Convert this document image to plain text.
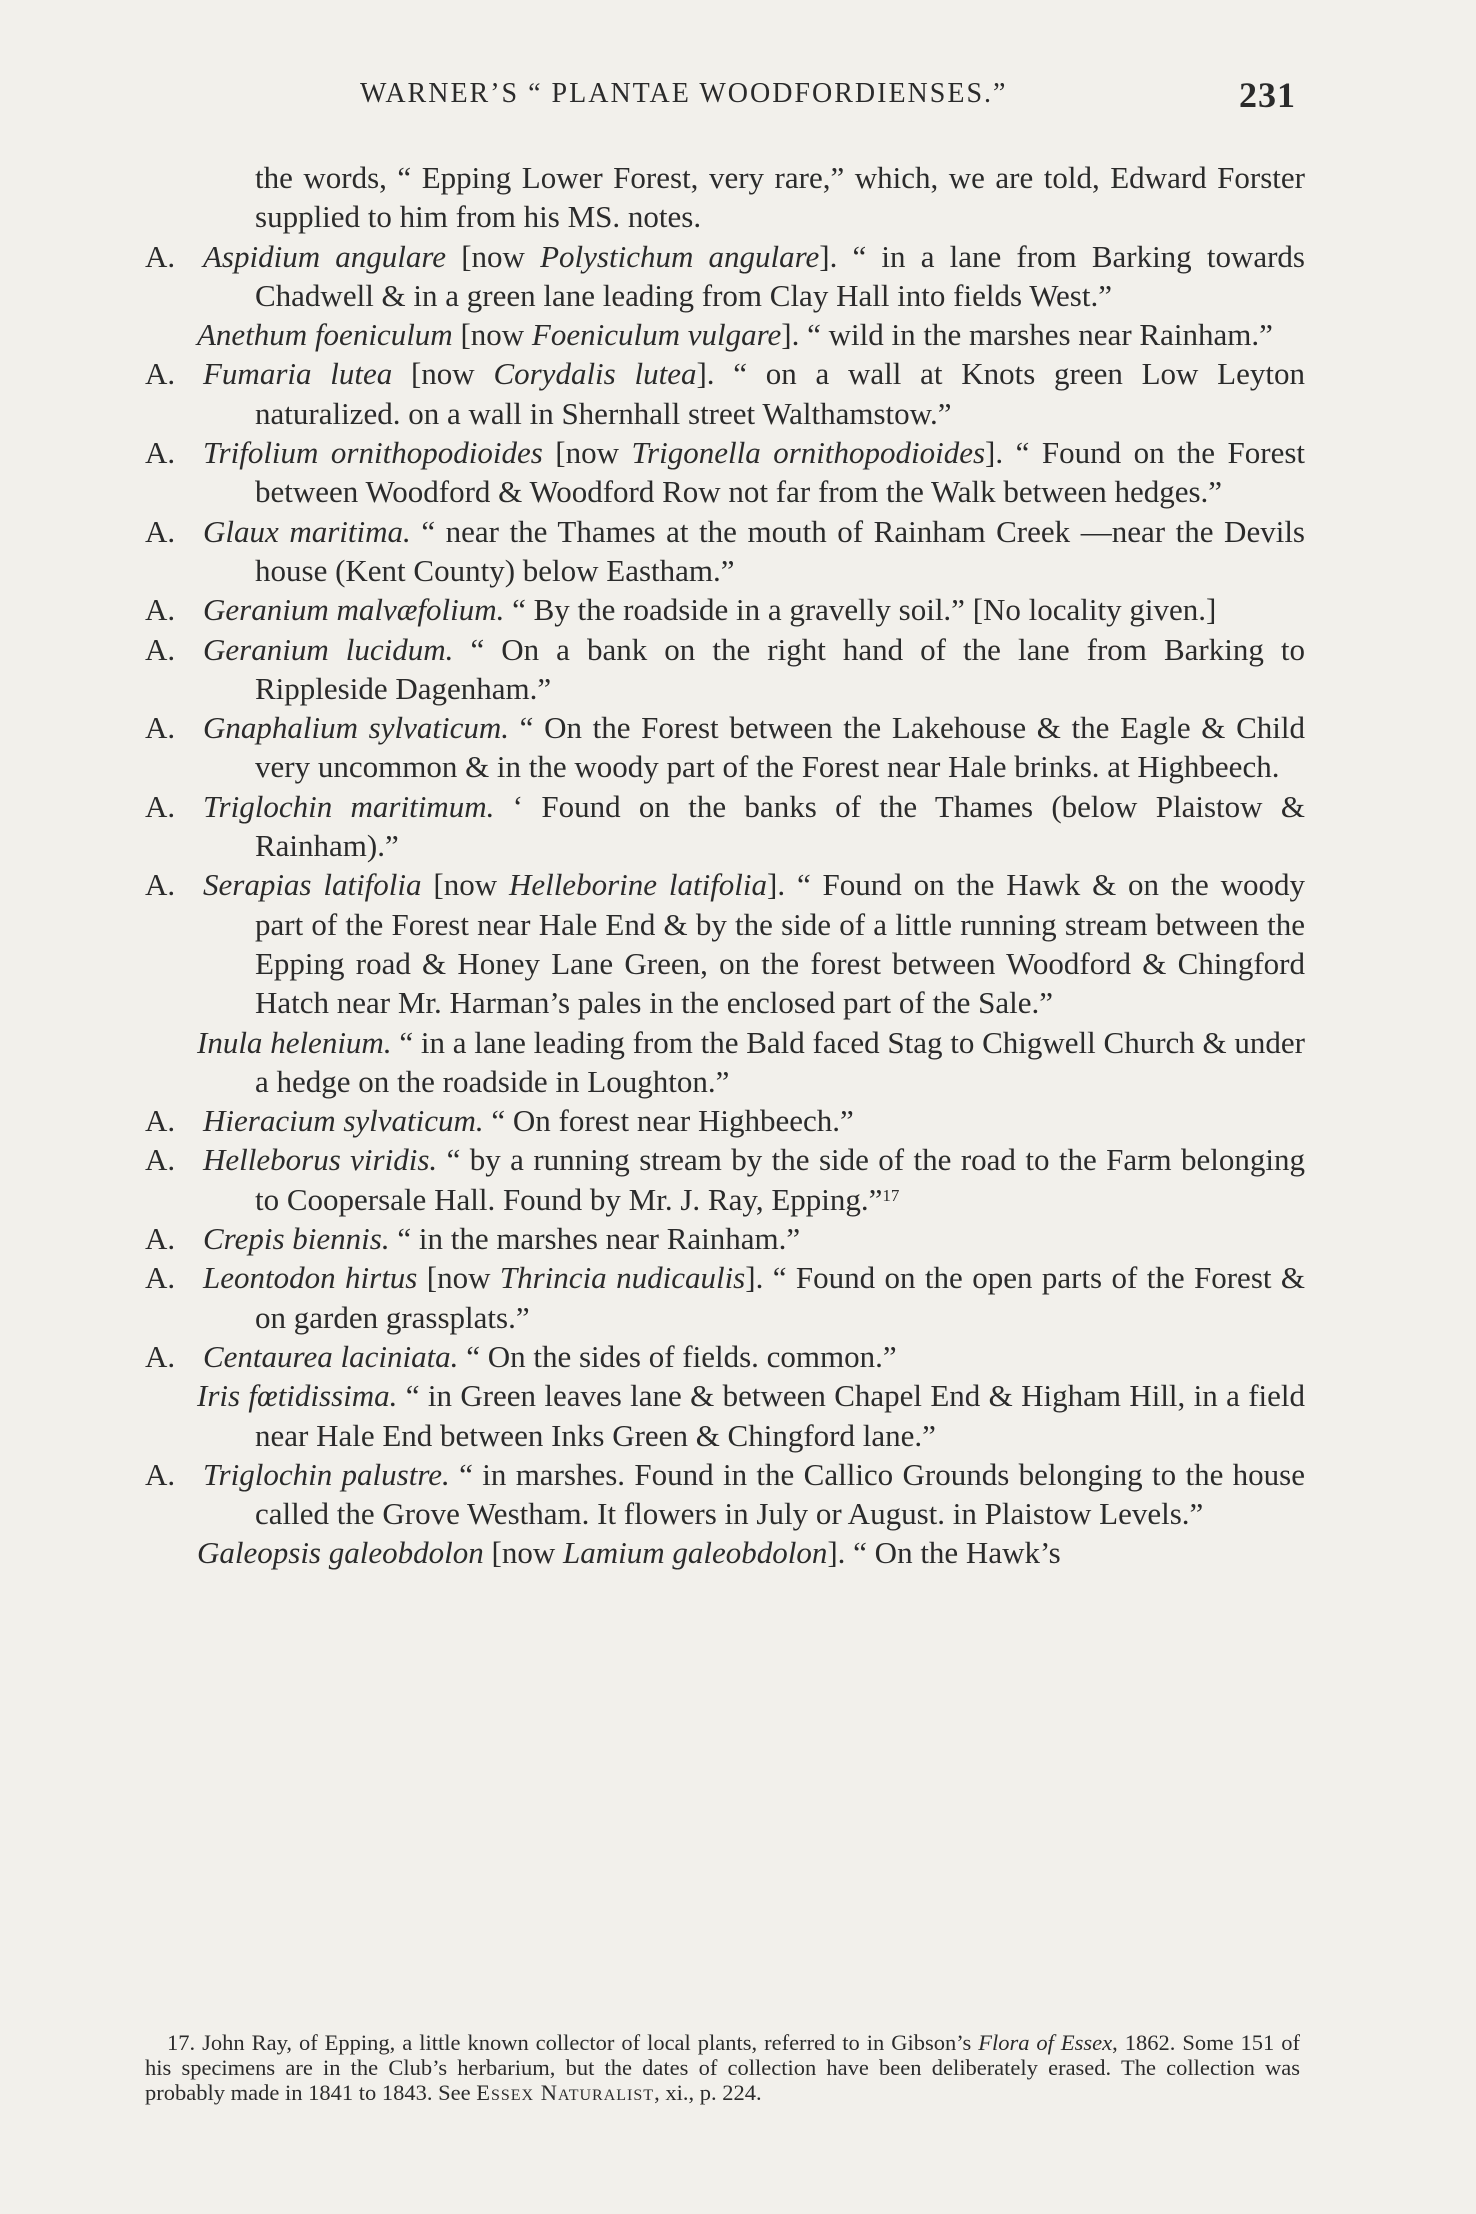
WARNER’S “ PLANTAE WOODFORDIENSES.”	231
the words, “ Epping Lower Forest, very rare,” which, we are told, Edward Forster supplied to him from his MS. notes.
A. Aspidium angulare [now Polystichum angulare]. “ in a lane from Barking towards Chadwell & in a green lane leading from Clay Hall into fields West.”
Anethum foeniculum [now Foeniculum vulgare]. “ wild in the marshes near Rainham.”
A. Fumaria lutea [now Corydalis lutea]. “ on a wall at Knots green Low Leyton naturalized. on a wall in Shernhall street Walthamstow.”
A. Trifolium ornithopodioides [now Trigonella ornithopodioides]. “ Found on the Forest between Woodford & Woodford Row not far from the Walk between hedges.”
A. Glaux maritima. “ near the Thames at the mouth of Rainham Creek —near the Devils house (Kent County) below Eastham.”
A. Geranium malvæfolium. “ By the roadside in a gravelly soil.” [No locality given.]
A. Geranium lucidum. “ On a bank on the right hand of the lane from Barking to Rippleside Dagenham.”
A. Gnaphalium sylvaticum. “ On the Forest between the Lakehouse & the Eagle & Child very uncommon & in the woody part of the Forest near Hale brinks. at Highbeech.
A. Triglochin maritimum. ‘ Found on the banks of the Thames (below Plaistow & Rainham).”
A. Serapias latifolia [now Helleborine latifolia]. “ Found on the Hawk & on the woody part of the Forest near Hale End & by the side of a little running stream between the Epping road & Honey Lane Green, on the forest between Woodford & Chingford Hatch near Mr. Harman’s pales in the enclosed part of the Sale.”
Inula helenium. “ in a lane leading from the Bald faced Stag to Chigwell Church & under a hedge on the roadside in Loughton.”
A. Hieracium sylvaticum. “ On forest near Highbeech.”
A. Helleborus viridis. “ by a running stream by the side of the road to the Farm belonging to Coopersale Hall. Found by Mr. J. Ray, Epping.”$^{17}$
A. Crepis biennis. “ in the marshes near Rainham.”
A. Leontodon hirtus [now Thrincia nudicaulis]. “ Found on the open parts of the Forest & on garden grassplats.”
A. Centaurea laciniata. “ On the sides of fields. common.”
Iris fœtidissima. “ in Green leaves lane & between Chapel End & Higham Hill, in a field near Hale End between Inks Green & Chingford lane.”
A. Triglochin palustre. “ in marshes. Found in the Callico Grounds belonging to the house called the Grove Westham. It flowers in July or August. in Plaistow Levels.”
Galeopsis galeobdolon [now Lamium galeobdolon]. “ On the Hawk’s
17. John Ray, of Epping, a little known collector of local plants, referred to in Gibson’s Flora of Essex, 1862. Some 151 of his specimens are in the Club’s herbarium, but the dates of collection have been deliberately erased. The collection was probably made in 1841 to 1843. See Essex Naturalist, xi., p. 224.
